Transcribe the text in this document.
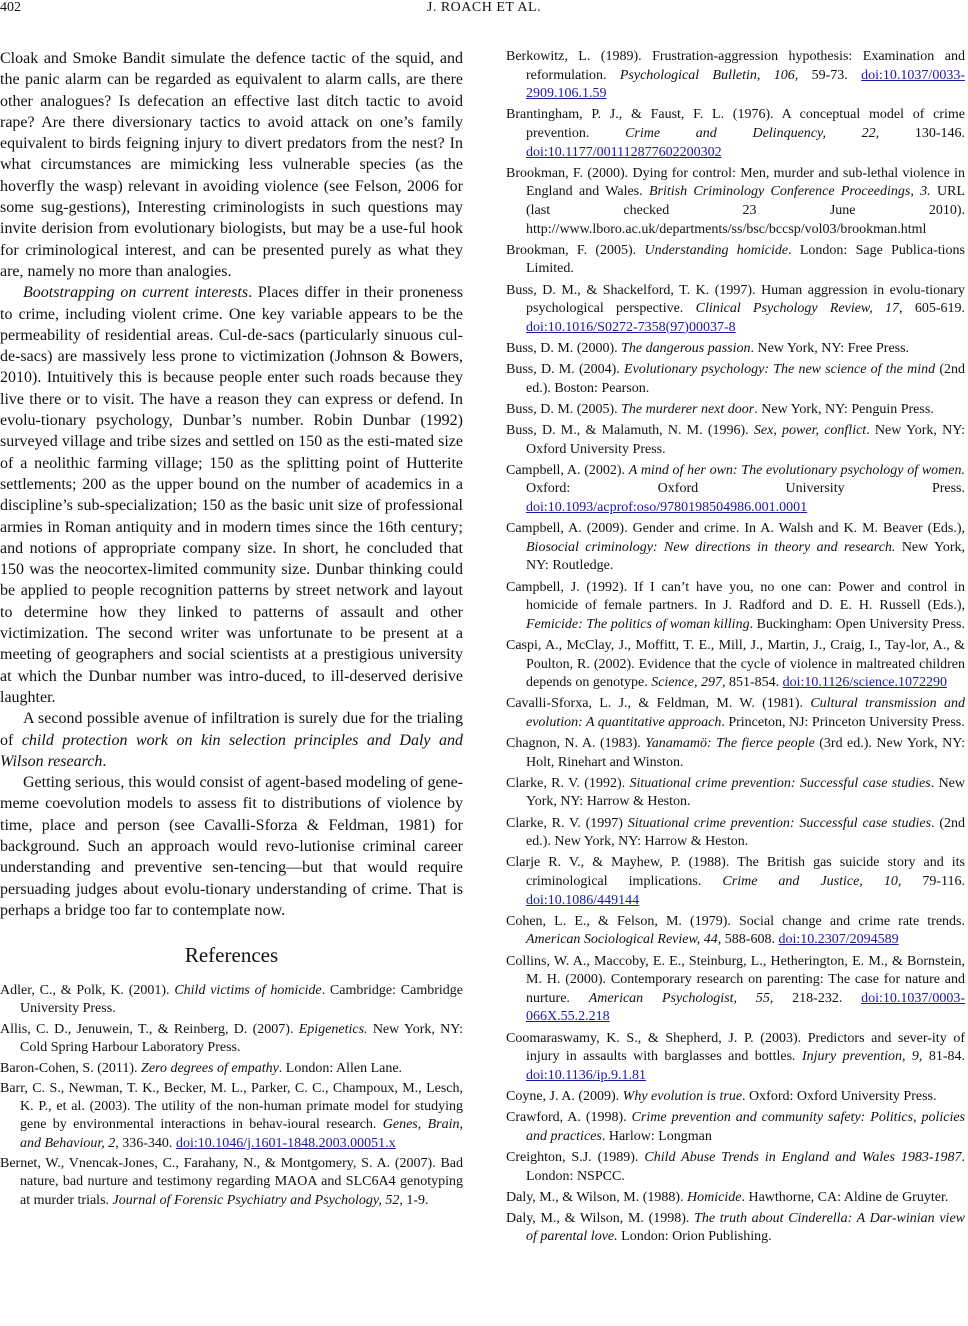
402	J. ROACH ET AL.

Cloak and Smoke Bandit simulate the defence tactic of the squid, and the panic alarm can be regarded as equivalent to alarm calls, are there other analogues? Is defecation an effective last ditch tactic to avoid rape? Are there diversionary tactics to avoid attack on one’s family equivalent to birds feigning injury to divert predators from the nest? In what circumstances are mimicking less vulnerable species (as the hoverfly the wasp) relevant in avoiding violence (see Felson, 2006 for some sug-gestions), Interesting criminologists in such questions may invite derision from evolutionary biologists, but may be a use-ful hook for criminological interest, and can be presented purely as what they are, namely no more than analogies.

Bootstrapping on current interests. Places differ in their proneness to crime, including violent crime. One key variable appears to be the permeability of residential areas. Cul-de-sacs (particularly sinuous cul-de-sacs) are massively less prone to victimization (Johnson & Bowers, 2010). Intuitively this is because people enter such roads because they live there or to visit. The have a reason they can express or defend. In evolu-tionary psychology, Dunbar’s number. Robin Dunbar (1992) surveyed village and tribe sizes and settled on 150 as the esti-mated size of a neolithic farming village; 150 as the splitting point of Hutterite settlements; 200 as the upper bound on the number of academics in a discipline’s sub-specialization; 150 as the basic unit size of professional armies in Roman antiquity and in modern times since the 16th century; and notions of appropriate company size. In short, he concluded that 150 was the neocortex-limited community size. Dunbar thinking could be applied to people recognition patterns by street network and layout to determine how they linked to patterns of assault and other victimization. The second writer was unfortunate to be present at a meeting of geographers and social scientists at a prestigious university at which the Dunbar number was intro-duced, to ill-deserved derisive laughter.

A second possible avenue of infiltration is surely due for the trialing of child protection work on kin selection principles and Daly and Wilson research.

Getting serious, this would consist of agent-based modeling of gene-meme coevolution models to assess fit to distributions of violence by time, place and person (see Cavalli-Sforza & Feldman, 1981) for background. Such an approach would revo-lutionise criminal career understanding and preventive sen-tencing—but that would require persuading judges about evolu-tionary understanding of crime. That is perhaps a bridge too far to contemplate now.

References

Adler, C., & Polk, K. (2001). Child victims of homicide. Cambridge: Cambridge University Press.

Allis, C. D., Jenuwein, T., & Reinberg, D. (2007). Epigenetics. New York, NY: Cold Spring Harbour Laboratory Press.

Baron-Cohen, S. (2011). Zero degrees of empathy. London: Allen Lane.

Barr, C. S., Newman, T. K., Becker, M. L., Parker, C. C., Champoux, M., Lesch, K. P., et al. (2003). The utility of the non-human primate model for studying gene by environmental interactions in behav-ioural research. Genes, Brain, and Behaviour, 2, 336-340. doi:10.1046/j.1601-1848.2003.00051.x

Bernet, W., Vnencak-Jones, C., Farahany, N., & Montgomery, S. A. (2007). Bad nature, bad nurture and testimony regarding MAOA and SLC6A4 genotyping at murder trials. Journal of Forensic Psychiatry and Psychology, 52, 1-9.

Berkowitz, L. (1989). Frustration-aggression hypothesis: Examination and reformulation. Psychological Bulletin, 106, 59-73. doi:10.1037/0033-2909.106.1.59

Brantingham, P. J., & Faust, F. L. (1976). A conceptual model of crime prevention. Crime and Delinquency, 22, 130-146. doi:10.1177/001112877602200302

Brookman, F. (2000). Dying for control: Men, murder and sub-lethal violence in England and Wales. British Criminology Conference Proceedings, 3. URL (last checked 23 June 2010). http://www.lboro.ac.uk/departments/ss/bsc/bccsp/vol03/brookman.html

Brookman, F. (2005). Understanding homicide. London: Sage Publica-tions Limited.

Buss, D. M., & Shackelford, T. K. (1997). Human aggression in evolu-tionary psychological perspective. Clinical Psychology Review, 17, 605-619. doi:10.1016/S0272-7358(97)00037-8

Buss, D. M. (2000). The dangerous passion. New York, NY: Free Press.

Buss, D. M. (2004). Evolutionary psychology: The new science of the mind (2nd ed.). Boston: Pearson.

Buss, D. M. (2005). The murderer next door. New York, NY: Penguin Press.

Buss, D. M., & Malamuth, N. M. (1996). Sex, power, conflict. New York, NY: Oxford University Press.

Campbell, A. (2002). A mind of her own: The evolutionary psychology of women. Oxford: Oxford University Press. doi:10.1093/acprof:oso/9780198504986.001.0001

Campbell, A. (2009). Gender and crime. In A. Walsh and K. M. Beaver (Eds.), Biosocial criminology: New directions in theory and research. New York, NY: Routledge.

Campbell, J. (1992). If I can’t have you, no one can: Power and control in homicide of female partners. In J. Radford and D. E. H. Russell (Eds.), Femicide: The politics of woman killing. Buckingham: Open University Press.

Caspi, A., McClay, J., Moffitt, T. E., Mill, J., Martin, J., Craig, I., Tay-lor, A., & Poulton, R. (2002). Evidence that the cycle of violence in maltreated children depends on genotype. Science, 297, 851-854. doi:10.1126/science.1072290

Cavalli-Sforxa, L. J., & Feldman, M. W. (1981). Cultural transmission and evolution: A quantitative approach. Princeton, NJ: Princeton University Press.

Chagnon, N. A. (1983). Yanamamö: The fierce people (3rd ed.). New York, NY: Holt, Rinehart and Winston.

Clarke, R. V. (1992). Situational crime prevention: Successful case studies. New York, NY: Harrow & Heston.

Clarke, R. V. (1997) Situational crime prevention: Successful case studies. (2nd ed.). New York, NY: Harrow & Heston.

Clarje R. V., & Mayhew, P. (1988). The British gas suicide story and its criminological implications. Crime and Justice, 10, 79-116. doi:10.1086/449144

Cohen, L. E., & Felson, M. (1979). Social change and crime rate trends. American Sociological Review, 44, 588-608. doi:10.2307/2094589

Collins, W. A., Maccoby, E. E., Steinburg, L., Hetherington, E. M., & Bornstein, M. H. (2000). Contemporary research on parenting: The case for nature and nurture. American Psychologist, 55, 218-232. doi:10.1037/0003-066X.55.2.218

Coomaraswamy, K. S., & Shepherd, J. P. (2003). Predictors and sever-ity of injury in assaults with barglasses and bottles. Injury prevention, 9, 81-84. doi:10.1136/ip.9.1.81

Coyne, J. A. (2009). Why evolution is true. Oxford: Oxford University Press.

Crawford, A. (1998). Crime prevention and community safety: Politics, policies and practices. Harlow: Longman

Creighton, S.J. (1989). Child Abuse Trends in England and Wales 1983-1987. London: NSPCC.

Daly, M., & Wilson, M. (1988). Homicide. Hawthorne, CA: Aldine de Gruyter.

Daly, M., & Wilson, M. (1998). The truth about Cinderella: A Dar-winian view of parental love. London: Orion Publishing.
